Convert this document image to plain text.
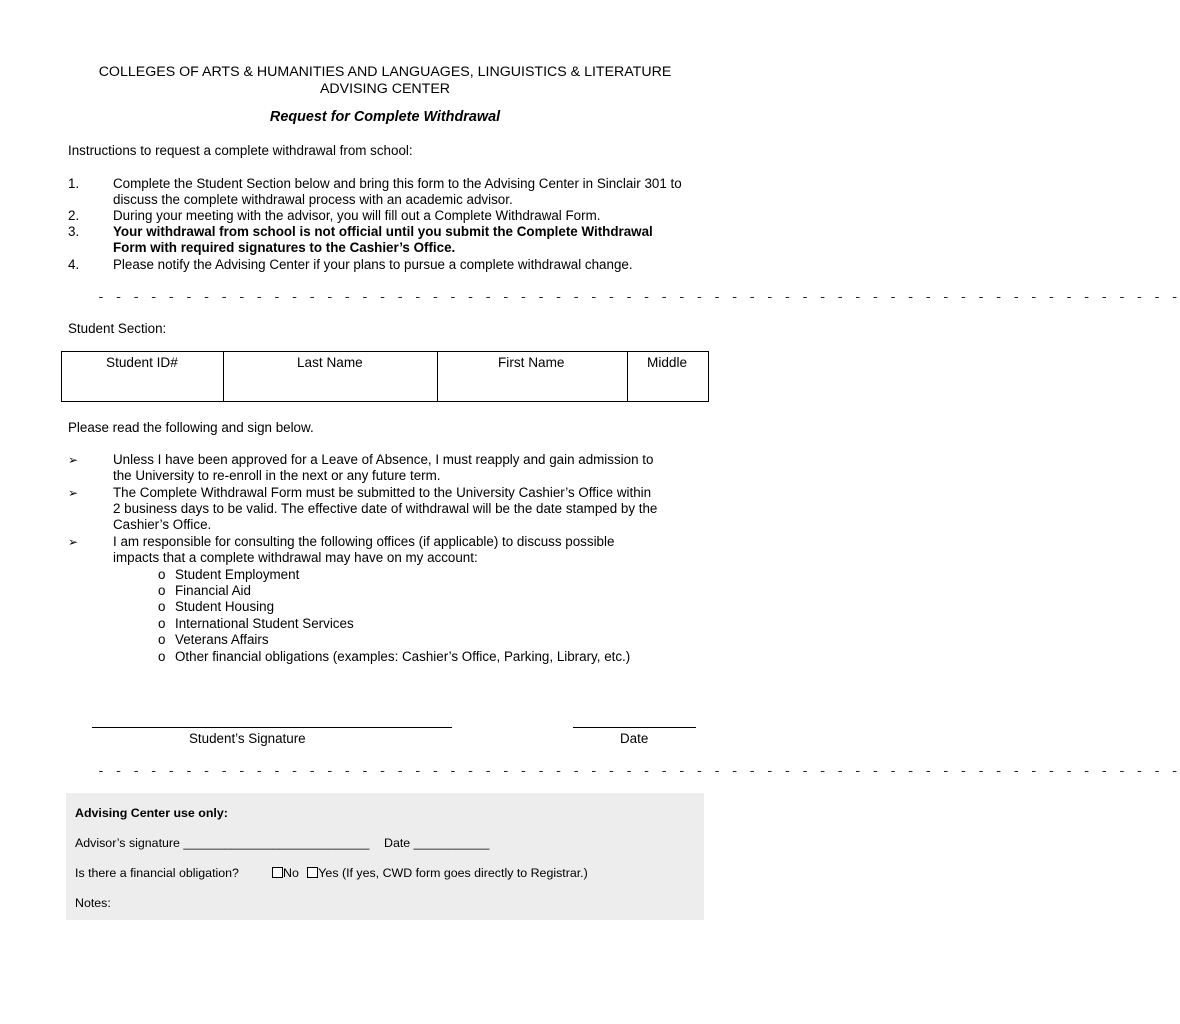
COLLEGES OF ARTS & HUMANITIES AND LANGUAGES, LINGUISTICS & LITERATURE
ADVISING CENTER
Request for Complete Withdrawal
Instructions to request a complete withdrawal from school:
1.	Complete the Student Section below and bring this form to the Advising Center in Sinclair 301 to
discuss the complete withdrawal process with an academic advisor.
2.	During your meeting with the advisor, you will fill out a Complete Withdrawal Form.
3.	Your withdrawal from school is not official until you submit the Complete Withdrawal
Form with required signatures to the Cashier’s Office.
4.	Please notify the Advising Center if your plans to pursue a complete withdrawal change.
- - - - - - - - - - - - - - - - - - - - - - - - - - - - - - - - - - - - - - - - - - - - - - - - - - - - - - - - - - - - - -
Student Section:
Student ID#	Last Name	First Name	Middle
Please read the following and sign below.
➢	Unless I have been approved for a Leave of Absence, I must reapply and gain admission to
the University to re-enroll in the next or any future term.
➢	The Complete Withdrawal Form must be submitted to the University Cashier’s Office within
2 business days to be valid. The effective date of withdrawal will be the date stamped by the
Cashier’s Office.
➢	I am responsible for consulting the following offices (if applicable) to discuss possible
impacts that a complete withdrawal may have on my account:
o Student Employment
o Financial Aid
o Student Housing
o International Student Services
o Veterans Affairs
o Other financial obligations (examples: Cashier’s Office, Parking, Library, etc.)
Student’s Signature	Date
- - - - - - - - - - - - - - - - - - - - - - - - - - - - - - - - - - - - - - - - - - - - - - - - - - - - - - - - - - - - - -
Advising Center use only:
Advisor’s signature ___________________________ Date ___________
Is there a financial obligation?	No Yes (If yes, CWD form goes directly to Registrar.)
Notes:
